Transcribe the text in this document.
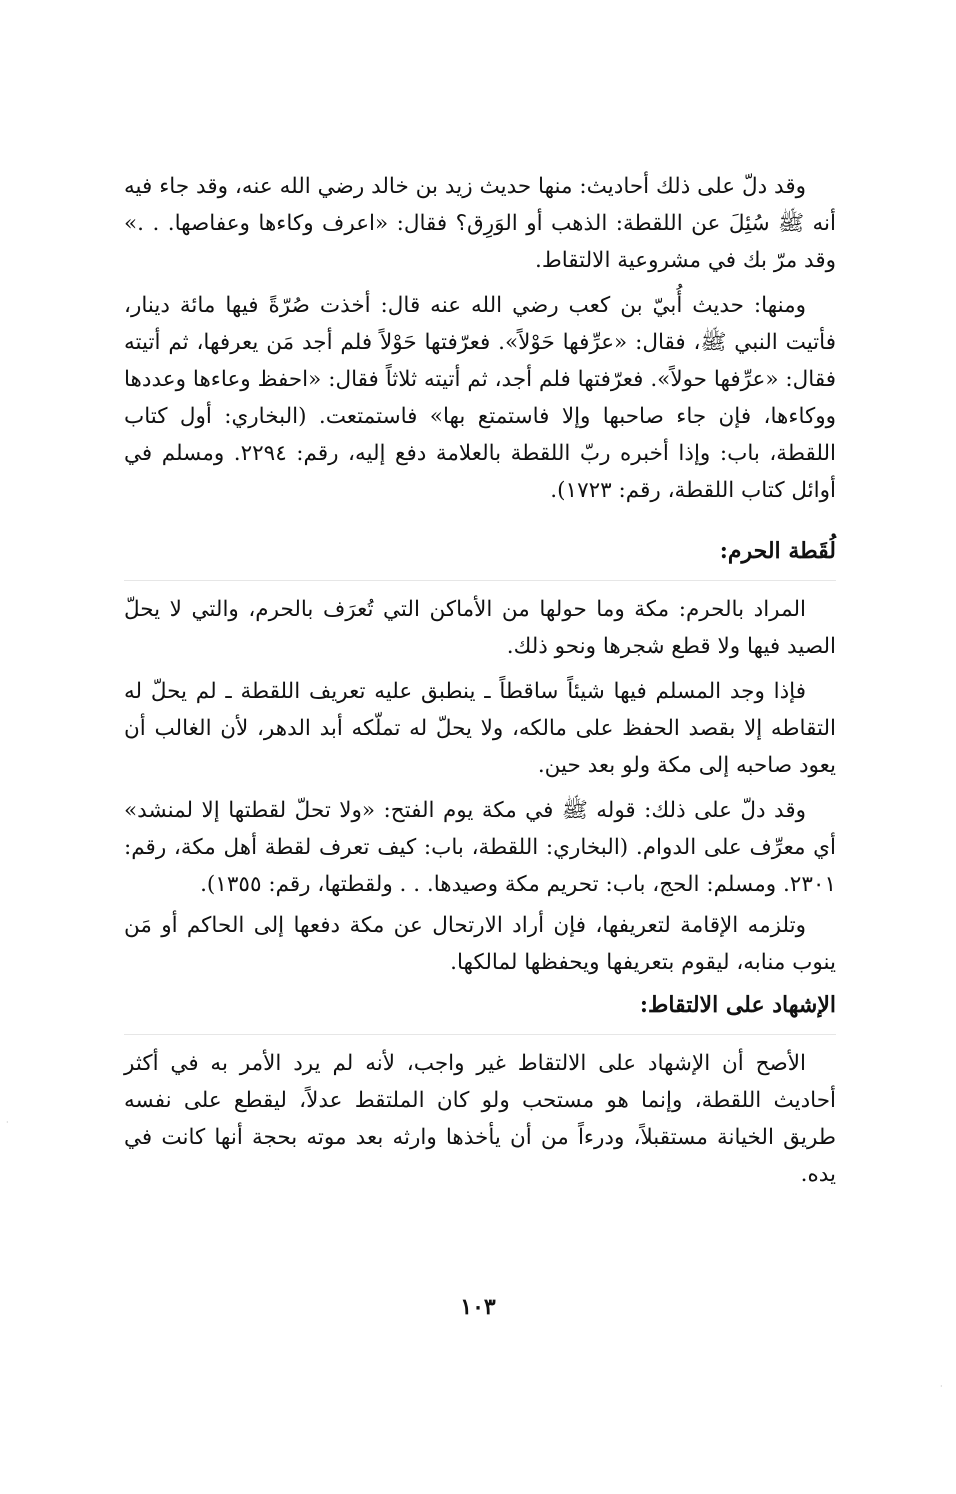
وقد دلّ على ذلك أحاديث: منها حديث زيد بن خالد رضي الله عنه، وقد جاء فيه أنه ﷺ سُئِلَ عن اللقطة: الذهب أو الوَرِق؟ فقال: «اعرف وكاءها وعفاصها. . .» وقد مرّ بك في مشروعية الالتقاط.

ومنها: حديث أُبيّ بن كعب رضي الله عنه قال: أخذت صُرّةً فيها مائة دينار، فأتيت النبي ﷺ، فقال: «عرِّفها حَوْلاً». فعرّفتها حَوْلاً فلم أجد مَن يعرفها، ثم أتيته فقال: «عرِّفها حولاً». فعرّفتها فلم أجد، ثم أتيته ثلاثاً فقال: «احفظ وعاءها وعددها ووكاءها، فإن جاء صاحبها وإلا فاستمتع بها» فاستمتعت. (البخاري: أول كتاب اللقطة، باب: وإذا أخبره ربّ اللقطة بالعلامة دفع إليه، رقم: ٢٢٩٤. ومسلم في أوائل كتاب اللقطة، رقم: ١٧٢٣).

لُقَطة الحرم:

المراد بالحرم: مكة وما حولها من الأماكن التي تُعرَف بالحرم، والتي لا يحلّ الصيد فيها ولا قطع شجرها ونحو ذلك.

فإذا وجد المسلم فيها شيئاً ساقطاً ـ ينطبق عليه تعريف اللقطة ـ لم يحلّ له التقاطه إلا بقصد الحفظ على مالكه، ولا يحلّ له تملّكه أبد الدهر، لأن الغالب أن يعود صاحبه إلى مكة ولو بعد حين.

وقد دلّ على ذلك: قوله ﷺ في مكة يوم الفتح: «ولا تحلّ لقطتها إلا لمنشد» أي معرِّف على الدوام. (البخاري: اللقطة، باب: كيف تعرف لقطة أهل مكة، رقم: ٢٣٠١. ومسلم: الحج، باب: تحريم مكة وصيدها. . . ولقطتها، رقم: ١٣٥٥).

وتلزمه الإقامة لتعريفها، فإن أراد الارتحال عن مكة دفعها إلى الحاكم أو مَن ينوب منابه، ليقوم بتعريفها ويحفظها لمالكها.

الإشهاد على الالتقاط:

الأصح أن الإشهاد على الالتقاط غير واجب، لأنه لم يرد الأمر به في أكثر أحاديث اللقطة، وإنما هو مستحب ولو كان الملتقط عدلاً، ليقطع على نفسه طريق الخيانة مستقبلاً، ودرءاً من أن يأخذها وارثه بعد موته بحجة أنها كانت في يده.

١٠٣
·
·
